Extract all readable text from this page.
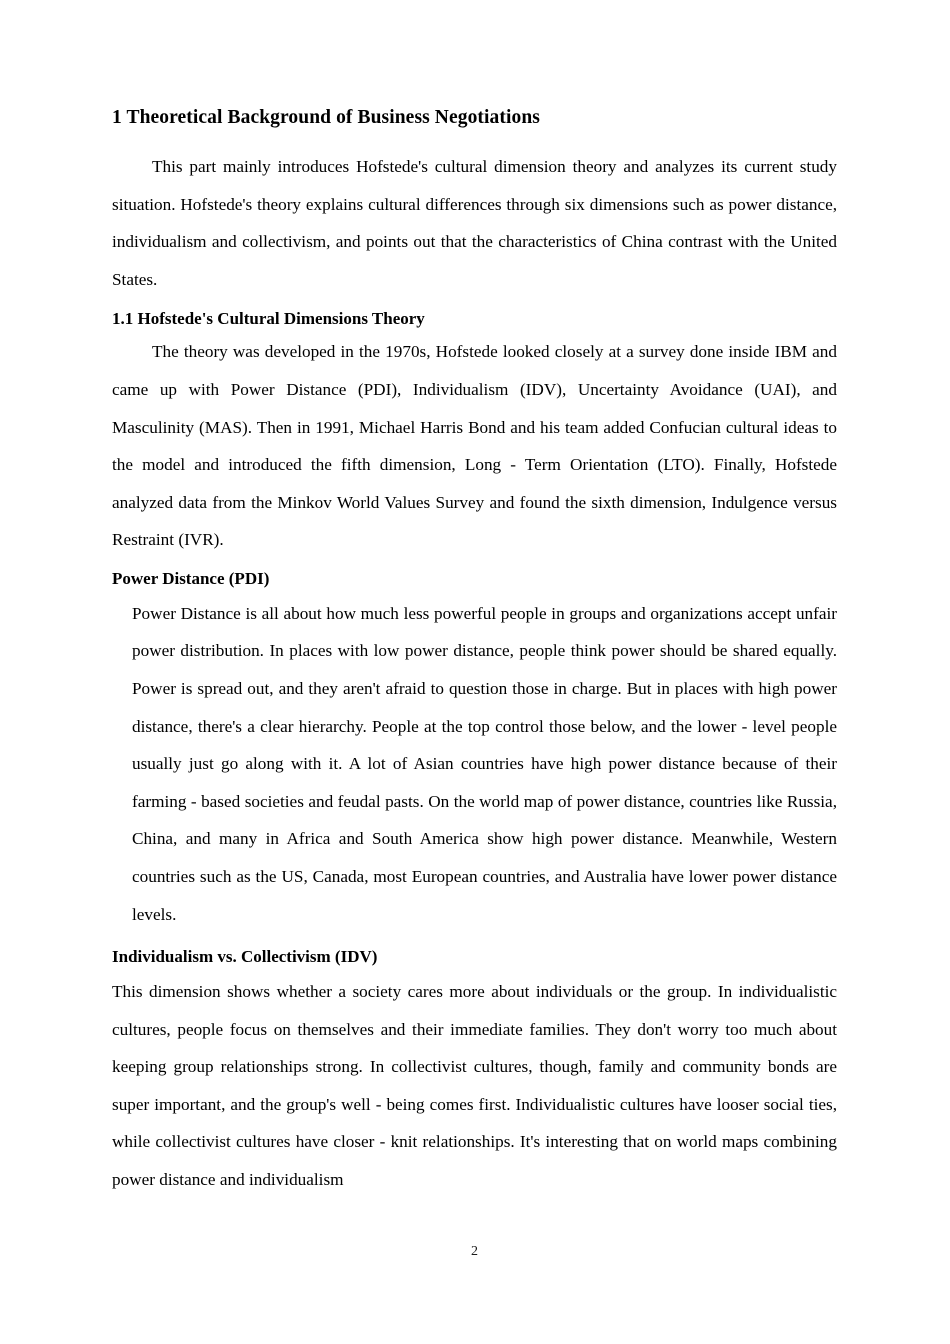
1 Theoretical Background of Business Negotiations

This part mainly introduces Hofstede's cultural dimension theory and analyzes its current study situation. Hofstede's theory explains cultural differences through six dimensions such as power distance, individualism and collectivism, and points out that the characteristics of China contrast with the United States.

1.1 Hofstede's Cultural Dimensions Theory

The theory was developed in the 1970s, Hofstede looked closely at a survey done inside IBM and came up with Power Distance (PDI), Individualism (IDV), Uncertainty Avoidance (UAI), and Masculinity (MAS). Then in 1991, Michael Harris Bond and his team added Confucian cultural ideas to the model and introduced the fifth dimension, Long - Term Orientation (LTO). Finally, Hofstede analyzed data from the Minkov World Values Survey and found the sixth dimension, Indulgence versus Restraint (IVR).

Power Distance (PDI)

Power Distance is all about how much less powerful people in groups and organizations accept unfair power distribution. In places with low power distance, people think power should be shared equally. Power is spread out, and they aren't afraid to question those in charge. But in places with high power distance, there's a clear hierarchy. People at the top control those below, and the lower - level people usually just go along with it. A lot of Asian countries have high power distance because of their farming - based societies and feudal pasts. On the world map of power distance, countries like Russia, China, and many in Africa and South America show high power distance. Meanwhile, Western countries such as the US, Canada, most European countries, and Australia have lower power distance levels.

Individualism vs. Collectivism (IDV)

This dimension shows whether a society cares more about individuals or the group. In individualistic cultures, people focus on themselves and their immediate families. They don't worry too much about keeping group relationships strong. In collectivist cultures, though, family and community bonds are super important, and the group's well - being comes first. Individualistic cultures have looser social ties, while collectivist cultures have closer - knit relationships. It's interesting that on world maps combining power distance and individualism

2
